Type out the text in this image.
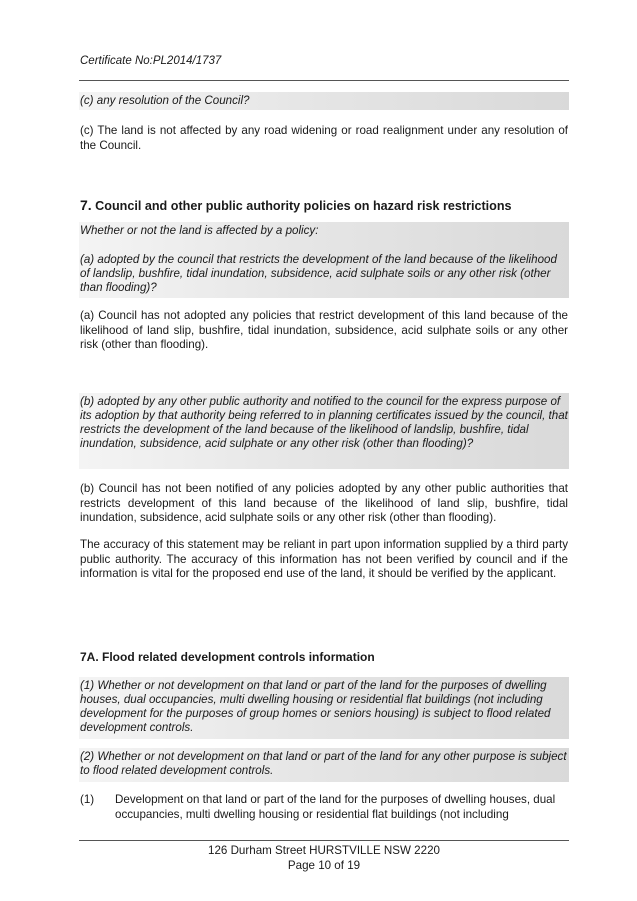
Certificate No:PL2014/1737
(c) any resolution of the Council?
(c) The land is not affected by any road widening or road realignment under any resolution of the Council.
7. Council and other public authority policies on hazard risk restrictions
Whether or not the land is affected by a policy:
(a) adopted by the council that restricts the development of the land because of the likelihood of landslip, bushfire, tidal inundation, subsidence, acid sulphate soils or any other risk (other than flooding)?
(a) Council has not adopted any policies that restrict development of this land because of the likelihood of land slip, bushfire, tidal inundation, subsidence, acid sulphate soils or any other risk (other than flooding).
(b) adopted by any other public authority and notified to the council for the express purpose of its adoption by that authority being referred to in planning certificates issued by the council, that restricts the development of the land because of the likelihood of landslip, bushfire, tidal inundation, subsidence, acid sulphate or any other risk (other than flooding)?
(b) Council has not been notified of any policies adopted by any other public authorities that restricts development of this land because of the likelihood of land slip, bushfire, tidal inundation, subsidence, acid sulphate soils or any other risk (other than flooding).
The accuracy of this statement may be reliant in part upon information supplied by a third party public authority. The accuracy of this information has not been verified by council and if the information is vital for the proposed end use of the land, it should be verified by the applicant.
7A. Flood related development controls information
(1) Whether or not development on that land or part of the land for the purposes of dwelling houses, dual occupancies, multi dwelling housing or residential flat buildings (not including development for the purposes of group homes or seniors housing) is subject to flood related development controls.
(2) Whether or not development on that land or part of the land for any other purpose is subject to flood related development controls.
(1) Development on that land or part of the land for the purposes of dwelling houses, dual occupancies, multi dwelling housing or residential flat buildings (not including
126 Durham Street HURSTVILLE NSW 2220
Page 10 of 19
